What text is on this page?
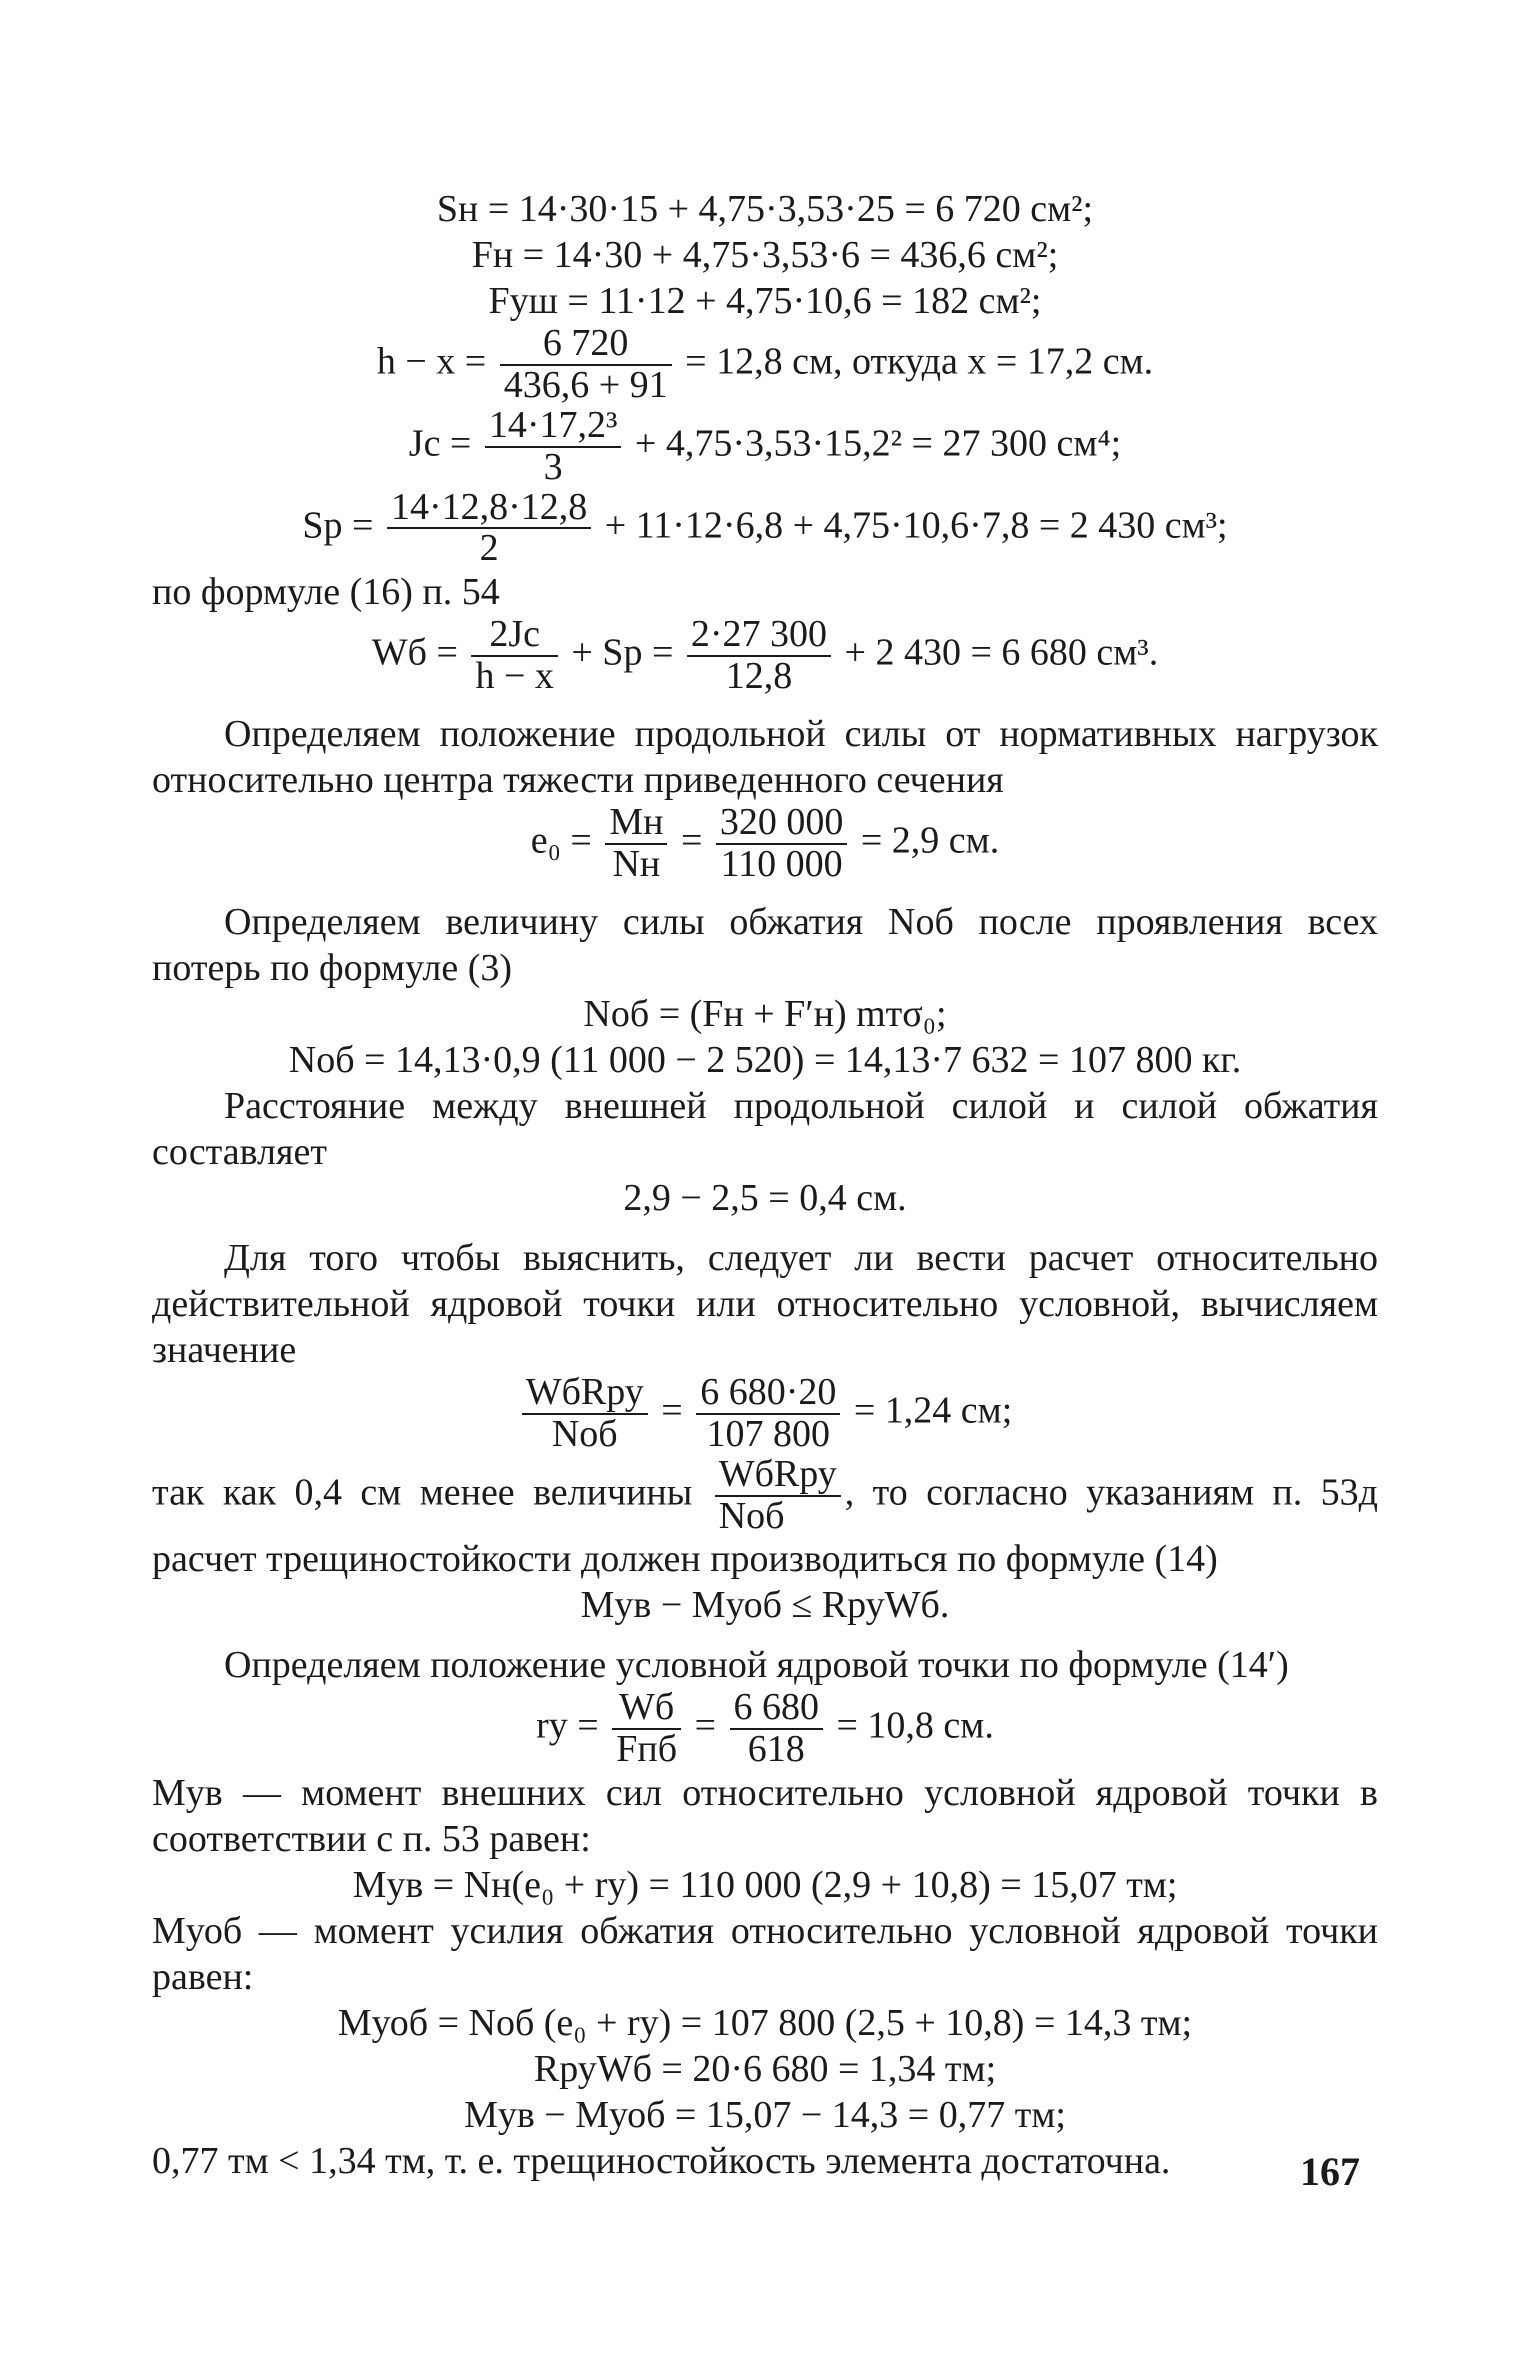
Sн = 14·30·15 + 4,75·3,53·25 = 6 720 см²;

Fн = 14·30 + 4,75·3,53·6 = 436,6 см²;

Fуш = 11·12 + 4,75·10,6 = 182 см²;

$h - x = \frac{6 720}{436,6 + 91} = 12,8$ см, откуда x = 17,2 см.

$Jc = \frac{\text{14·17,2³}}{3} + 4,75\cdot 3,53\cdot 15,2^2 = 27$ 300 см⁴;

Sр = $\frac{14\cdot 12,8\cdot 12,8}{2} + 11\cdot 12\cdot 6,8 + 4,75\cdot 10,6\cdot 7,8 = 2$ 430 см³;

по формуле (16) п. 54

Wб = $\frac{2Jc}{h - x}$ + Sр = $\frac{2\cdot 27 300}{12,8} + 2$ 430 = 6 680 см³.

Определяем положение продольной силы от нормативных нагрузок относительно центра тяжести приведенного сечения

$e_0 = \frac{Mн}{Nн} = \frac{320 000}{110 000} = 2,9$ см.

Определяем величину силы обжатия Nоб после проявления всех потерь по формуле (3)

Nоб = (Fн + F′н) mтσ₀;

Nоб = 14,13·0,9 (11 000 − 2 520) = 14,13·7 632 = 107 800 кг.

Расстояние между внешней продольной силой и силой обжатия составляет

2,9 − 2,5 = 0,4 см.

Для того чтобы выяснить, следует ли вести расчет относительно действительной ядровой точки или относительно условной, вычисляем значение

$\frac{\text{WбRру}}{\text{Nоб}} = \frac{6 680\cdot 20}{107 800} = 1,24$ см;

так как 0,4 см менее величины $\frac{\text{WбRру}}{\text{Nоб}}$ , то согласно указаниям п. 53д расчет трещиностойкости должен производиться по формуле (14)

Mув − Mуоб ≤ RруWб.

Определяем положение условной ядровой точки по формуле (14′)

rу = $\frac{Wб}{\text{Fпб}} = \frac{6 680}{618} = 10,8$ см.

Mув — момент внешних сил относительно условной ядровой точки в соответствии с п. 53 равен:

Mув = Nн(e₀ + rу) = 110 000 (2,9 + 10,8) = 15,07 тм;

Mуоб — момент усилия обжатия относительно условной ядровой точки равен:

Mуоб = Nоб (e₀ + rу) = 107 800 (2,5 + 10,8) = 14,3 тм;

RруWб = 20·6 680 = 1,34 тм;

Mув − Mуоб = 15,07 − 14,3 = 0,77 тм;

0,77 тм < 1,34 тм, т. е. трещиностойкость элемента достаточна.	167
